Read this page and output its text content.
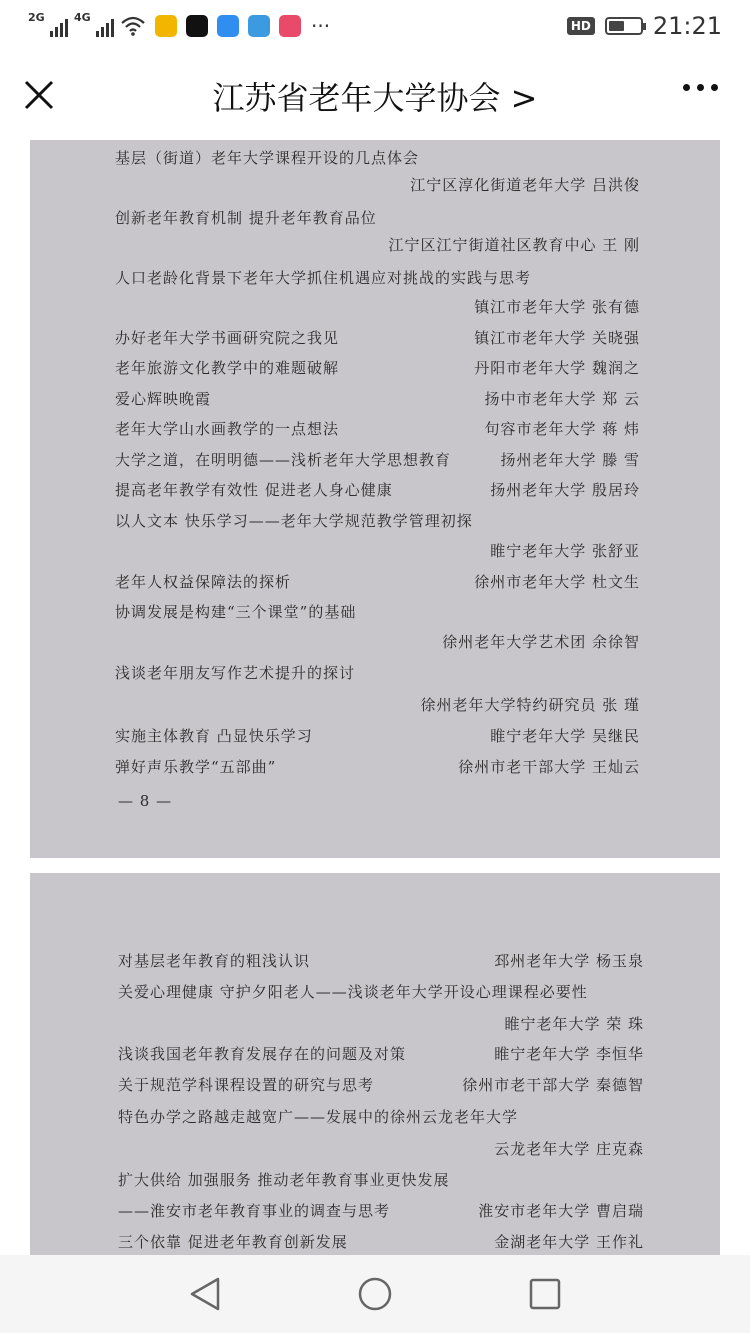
2G	4G	···	HD	21:21
江苏省老年大学协会 >
基层（街道）老年大学课程开设的几点体会
江宁区淳化街道老年大学 吕洪俊
创新老年教育机制 提升老年教育品位
江宁区江宁街道社区教育中心 王 刚
人口老龄化背景下老年大学抓住机遇应对挑战的实践与思考
镇江市老年大学 张有德
办好老年大学书画研究院之我见	镇江市老年大学 关晓强
老年旅游文化教学中的难题破解	丹阳市老年大学 魏润之
爱心辉映晚霞	扬中市老年大学 郑 云
老年大学山水画教学的一点想法	句容市老年大学 蒋 炜
大学之道，在明明德——浅析老年大学思想教育	扬州老年大学 滕 雪
提高老年教学有效性 促进老人身心健康	扬州老年大学 殷居玲
以人文本 快乐学习——老年大学规范教学管理初探
睢宁老年大学 张舒亚
老年人权益保障法的探析	徐州市老年大学 杜文生
协调发展是构建“三个课堂”的基础
徐州老年大学艺术团 余徐智
浅谈老年朋友写作艺术提升的探讨
徐州老年大学特约研究员 张 瑾
实施主体教育 凸显快乐学习	睢宁老年大学 吴继民
弹好声乐教学“五部曲”	徐州市老干部大学 王灿云
— 8 —
对基层老年教育的粗浅认识	邳州老年大学 杨玉泉
关爱心理健康 守护夕阳老人——浅谈老年大学开设心理课程必要性
睢宁老年大学 荣 珠
浅谈我国老年教育发展存在的问题及对策	睢宁老年大学 李恒华
关于规范学科课程设置的研究与思考	徐州市老干部大学 秦德智
特色办学之路越走越宽广——发展中的徐州云龙老年大学
云龙老年大学 庄克森
扩大供给 加强服务 推动老年教育事业更快发展
——淮安市老年教育事业的调查与思考	淮安市老年大学 曹启瑞
三个依靠 促进老年教育创新发展	金湖老年大学 王作礼
